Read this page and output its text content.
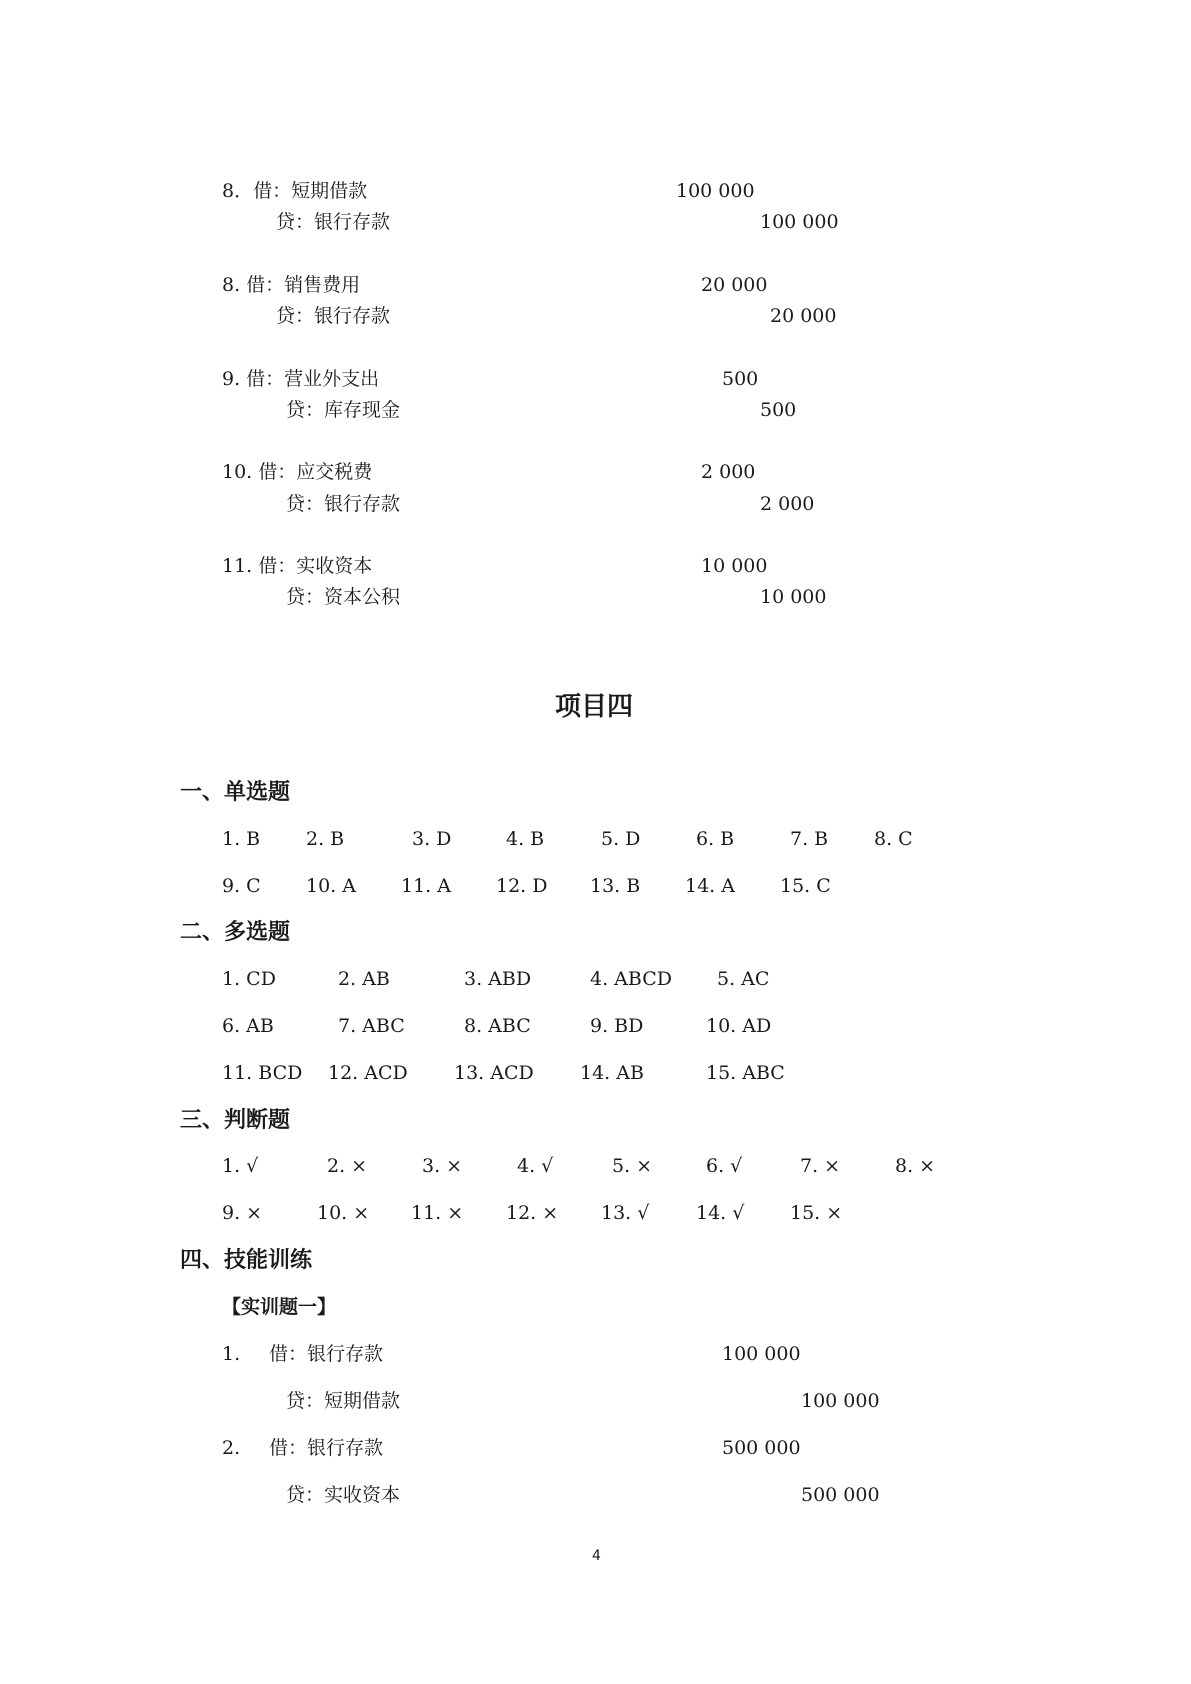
8．借：短期借款	100 000
贷：银行存款	100 000
8. 借：销售费用	20 000
贷：银行存款	20 000
9. 借：营业外支出	500
贷：库存现金	500
10. 借：应交税费	2 000
贷：银行存款	2 000
11. 借：实收资本	10 000
贷：资本公积	10 000
项目四
一、单选题
1. B 2. B	3. D	4. B	5. D	6. B	7. B 8. C
9. C 10. A 11. A 12. D 13. B 14. A 15. C
二、多选题
1. CD	2. AB	3. ABD	4. ABCD 5. AC
6. AB	7. ABC	8. ABC	9. BD	10. AD
11. BCD 12. ACD 13. ACD 14. AB	15. ABC
三、判断题
1. √	2. ×	3. ×	4. √	5. ×	6. √	7. ×	8. ×
9. ×	10. × 11. × 12. × 13. √ 14. √ 15. ×
四、技能训练
【实训题一】
1. 借：银行存款	100 000
贷：短期借款	100 000
2. 借：银行存款	500 000
贷：实收资本	500 000
4
